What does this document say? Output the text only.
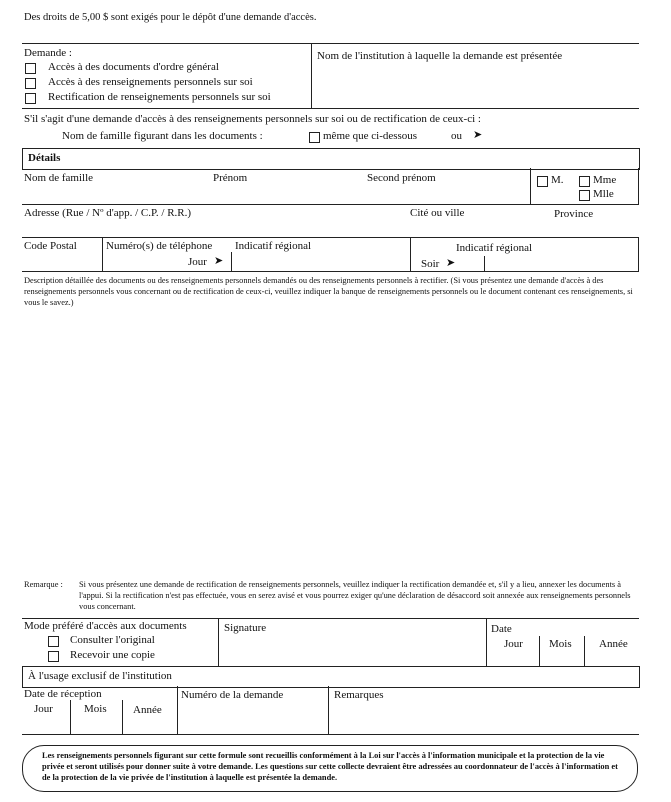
Des droits de 5,00 $ sont exigés pour le dépôt d'une demande d'accès.
Demande :
Accès à des documents d'ordre général
Accès à des renseignements personnels sur soi
Rectification de renseignements personnels sur soi
Nom de l'institution à laquelle la demande est présentée
S'il s'agit d'une demande d'accès à des renseignements personnels sur soi ou de rectification de ceux-ci :
Nom de famille figurant dans les documents :	même que ci-dessous	ou ➤
Détails
Nom de famille	Prénom	Second prénom	M.	Mme
Mlle
Adresse (Rue / Nº d'app. / C.P. / R.R.)	Cité ou ville	Province
Code Postal	Numéro(s) de téléphone Indicatif régional
Jour ➤
Indicatif régional
Soir ➤
Description détaillée des documents ou des renseignements personnels demandés ou des renseignements personnels à rectifier. (Si vous présentez une demande d'accès à des renseignements personnels vous concernant ou de rectification de ceux-ci, veuillez indiquer la banque de renseignements personnels ou le document contenant ces renseignements, si vous le savez.)
Remarque : Si vous présentez une demande de rectification de renseignements personnels, veuillez indiquer la rectification demandée et, s'il y a lieu, annexer les documents à l'appui. Si la rectification n'est pas effectuée, vous en serez avisé et vous pourrez exiger qu'une déclaration de désaccord soit annexée aux renseignements personnels vous concernant.
Mode préféré d'accès aux documents
Consulter l'original
Recevoir une copie
Signature	Date
Jour Mois Année
À l'usage exclusif de l'institution
Date de réception
Jour	Mois Année
Numéro de la demande	Remarques
Les renseignements personnels figurant sur cette formule sont recueillis conformément à la Loi sur l'accès à l'information municipale et la protection de la vie privée et seront utilisés pour donner suite à votre demande. Les questions sur cette collecte devraient être adressées au coordonnateur de l'accès à l'information et de la protection de la vie privée de l'institution à laquelle est présentée la demande.
